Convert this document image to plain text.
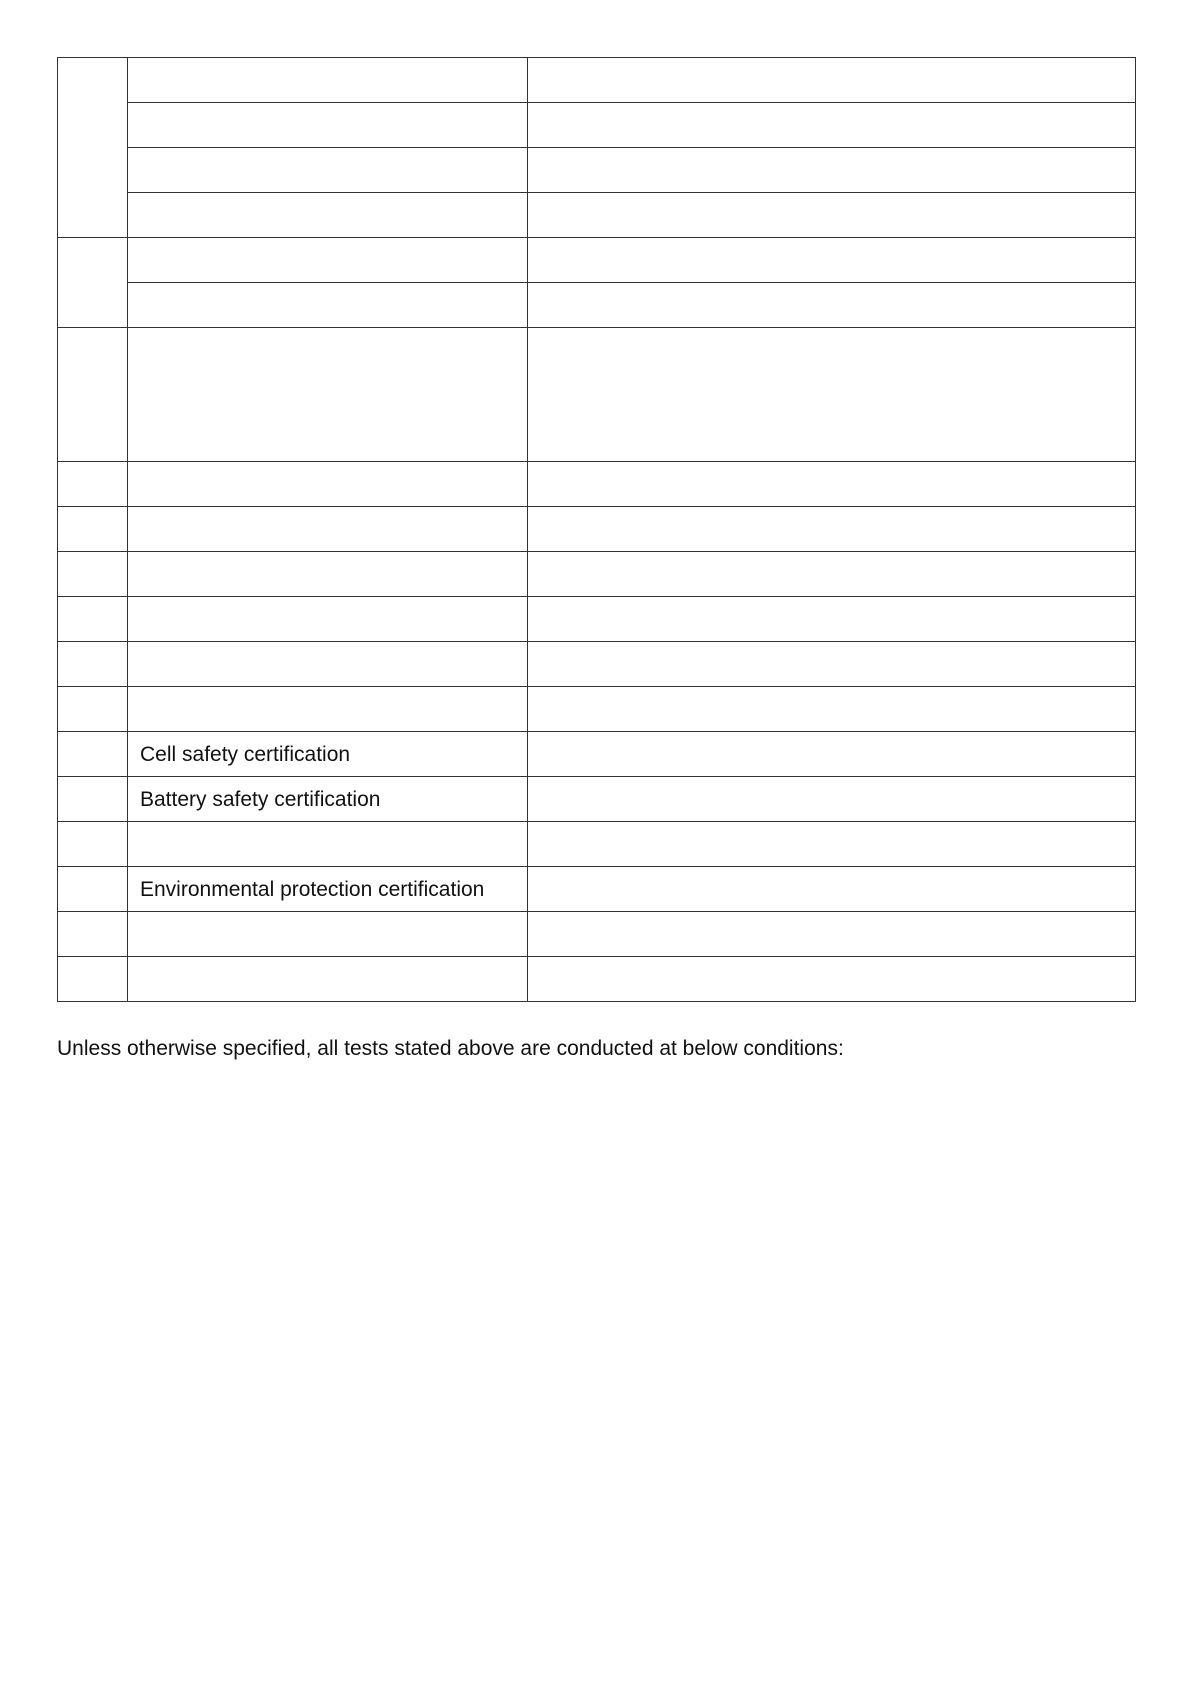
	Cell safety certification	
	Battery safety certification	

	Environmental protection certification	

Unless otherwise specified, all tests stated above are conducted at below conditions:
